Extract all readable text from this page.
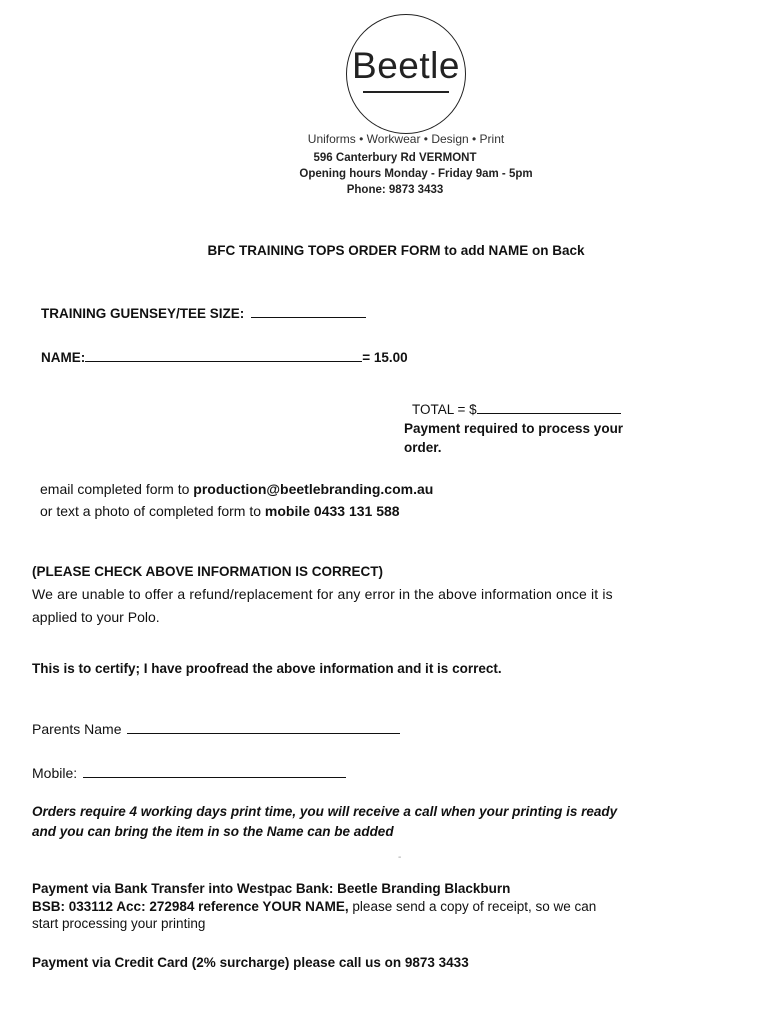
Beetle
Uniforms • Workwear • Design • Print
596 Canterbury Rd VERMONT
Opening hours Monday - Friday 9am - 5pm
Phone: 9873 3433
BFC TRAINING TOPS ORDER FORM to add NAME on Back
TRAINING GUENSEY/TEE SIZE:
NAME:	= 15.00
TOTAL = $
Payment required to process your
order.
email completed form to production@beetlebranding.com.au
or text a photo of completed form to mobile 0433 131 588
(PLEASE CHECK ABOVE INFORMATION IS CORRECT)
We are unable to offer a refund/replacement for any error in the above information once it is
applied to your Polo.
This is to certify; I have proofread the above information and it is correct.
Parents Name
Mobile:
Orders require 4 working days print time, you will receive a call when your printing is ready
and you can bring the item in so the Name can be added
-
Payment via Bank Transfer into Westpac Bank: Beetle Branding Blackburn
BSB: 033112 Acc: 272984 reference YOUR NAME, please send a copy of receipt, so we can
start processing your printing
Payment via Credit Card (2% surcharge) please call us on 9873 3433
